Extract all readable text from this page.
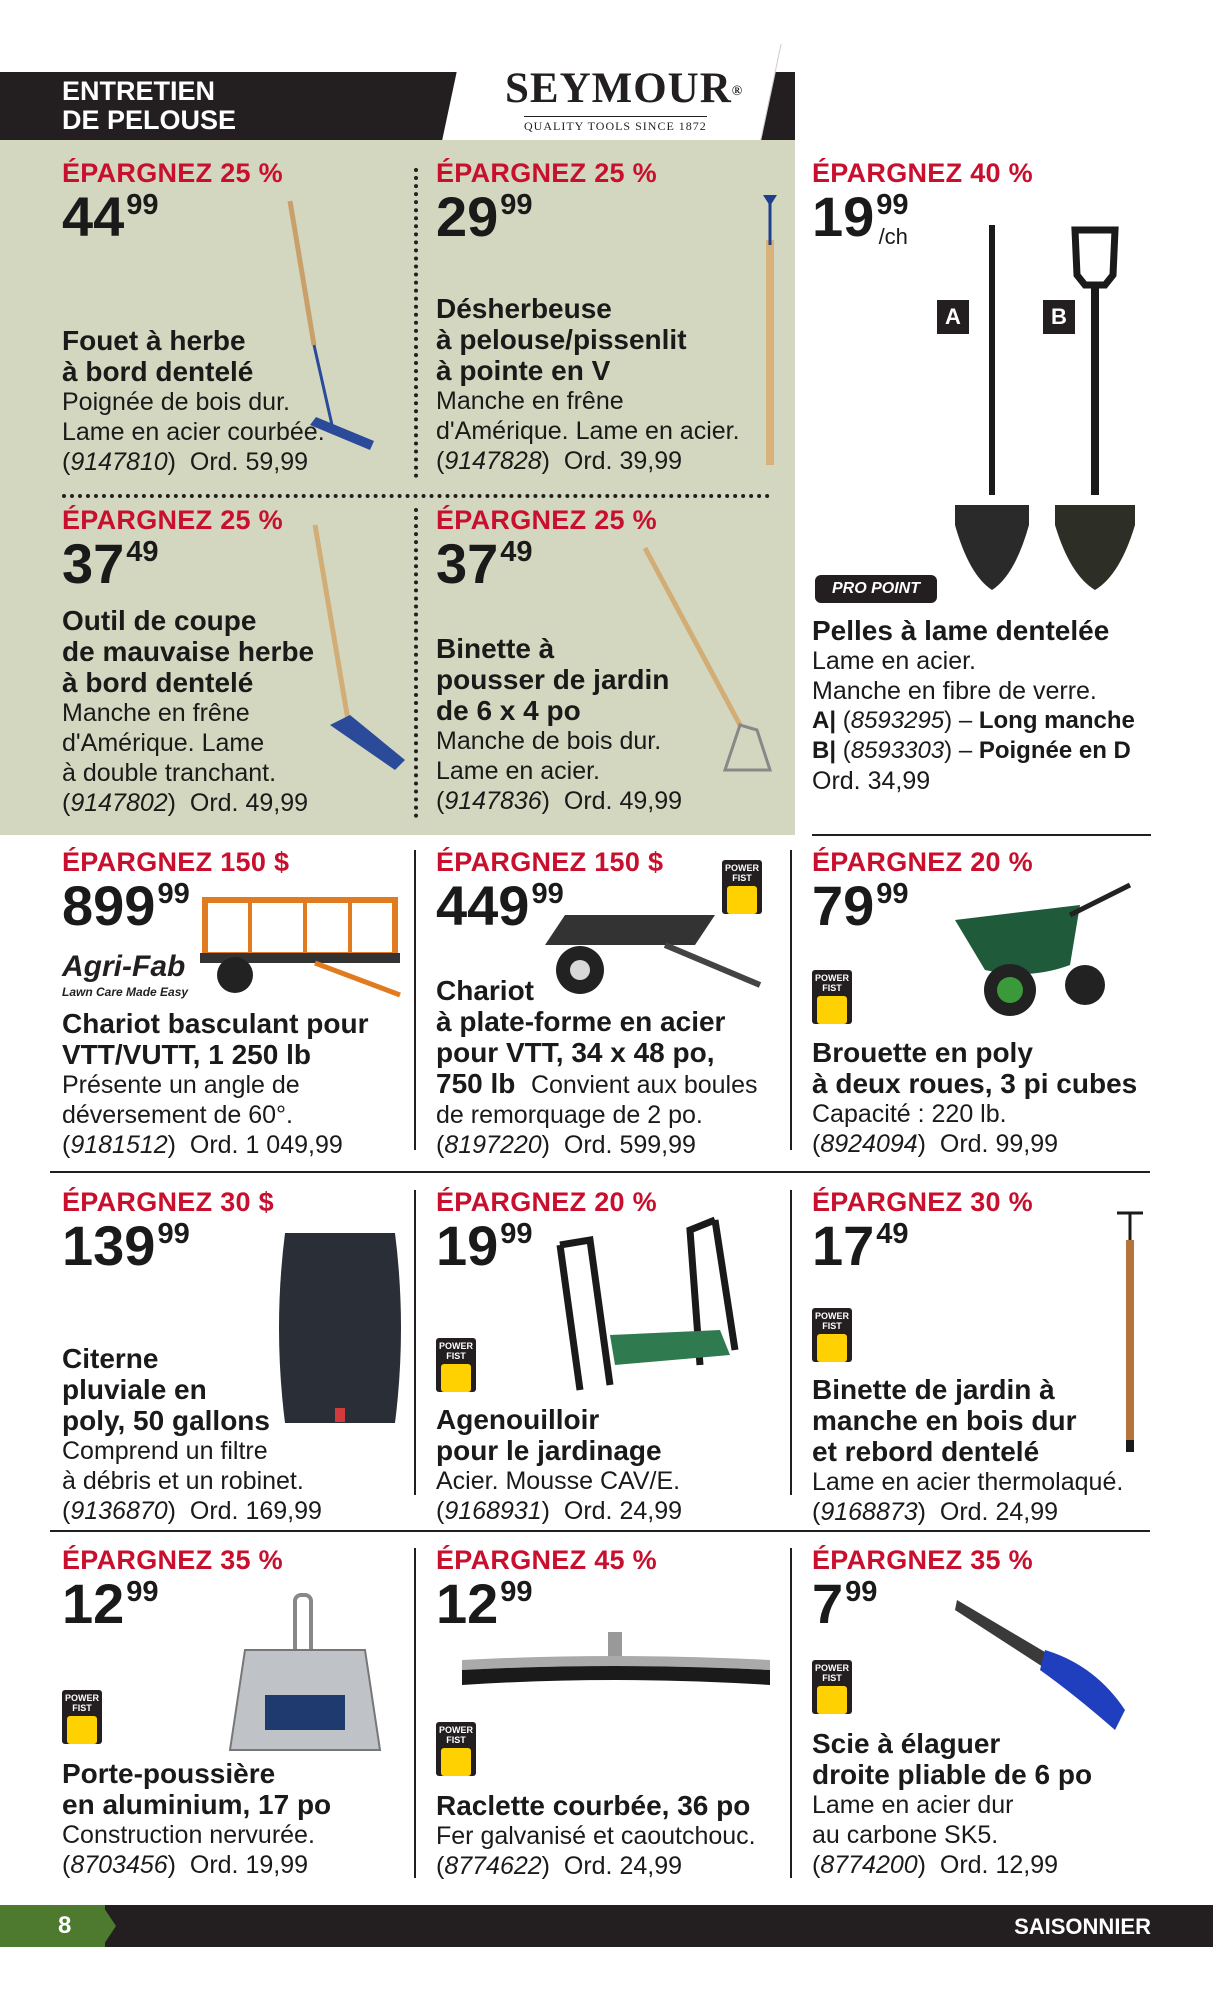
ENTRETIEN
DE PELOUSE
SEYMOUR®
QUALITY TOOLS SINCE 1872
ÉPARGNEZ 25 %
$44^{99}$
Fouet à herbe
à bord dentelé
Poignée de bois dur.
Lame en acier courbée.
(9147810)  Ord. 59,99
ÉPARGNEZ 25 %
$29^{99}$
Désherbeuse
à pelouse/pissenlit
à pointe en V
Manche en frêne
d'Amérique. Lame en acier.
(9147828)  Ord. 39,99
ÉPARGNEZ 40 %
$19^{99}/ch$
A	B
PRO POINT
Pelles à lame dentelée
Lame en acier.
Manche en fibre de verre.
A| (8593295) – Long manche
B| (8593303) – Poignée en D
Ord. 34,99
ÉPARGNEZ 25 %
$37^{49}$
Outil de coupe
de mauvaise herbe
à bord dentelé
Manche en frêne
d'Amérique. Lame
à double tranchant.
(9147802)  Ord. 49,99
ÉPARGNEZ 25 %
$37^{49}$
Binette à
pousser de jardin
de 6 x 4 po
Manche de bois dur.
Lame en acier.
(9147836)  Ord. 49,99
ÉPARGNEZ 150 $
$899^{99}$
Agri-Fab
Lawn Care Made Easy
Chariot basculant pour
VTT/VUTT, 1 250 lb
Présente un angle de
déversement de 60°.
(9181512)  Ord. 1 049,99
ÉPARGNEZ 150 $
$449^{99}$
POWER
FIST
Chariot
à plate-forme en acier
pour VTT, 34 x 48 po,
750 lb Convient aux boules
de remorquage de 2 po.
(8197220)  Ord. 599,99
ÉPARGNEZ 20 %
$79^{99}$
POWER
FIST
Brouette en poly
à deux roues, 3 pi cubes
Capacité : 220 lb.
(8924094)  Ord. 99,99
ÉPARGNEZ 30 $
$139^{99}$
Citerne
pluviale en
poly, 50 gallons
Comprend un filtre
à débris et un robinet.
(9136870)  Ord. 169,99
ÉPARGNEZ 20 %
$19^{99}$
POWER
FIST
Agenouilloir
pour le jardinage
Acier. Mousse CAV/E.
(9168931)  Ord. 24,99
ÉPARGNEZ 30 %
$17^{49}$
POWER
FIST
Binette de jardin à
manche en bois dur
et rebord dentelé
Lame en acier thermolaqué.
(9168873)  Ord. 24,99
ÉPARGNEZ 35 %
$12^{99}$
POWER
FIST
Porte-poussière
en aluminium, 17 po
Construction nervurée.
(8703456)  Ord. 19,99
ÉPARGNEZ 45 %
$12^{99}$
POWER
FIST
Raclette courbée, 36 po
Fer galvanisé et caoutchouc.
(8774622)  Ord. 24,99
ÉPARGNEZ 35 %
$7^{99}$
POWER
FIST
Scie à élaguer
droite pliable de 6 po
Lame en acier dur
au carbone SK5.
(8774200)  Ord. 12,99
8	SAISONNIER
